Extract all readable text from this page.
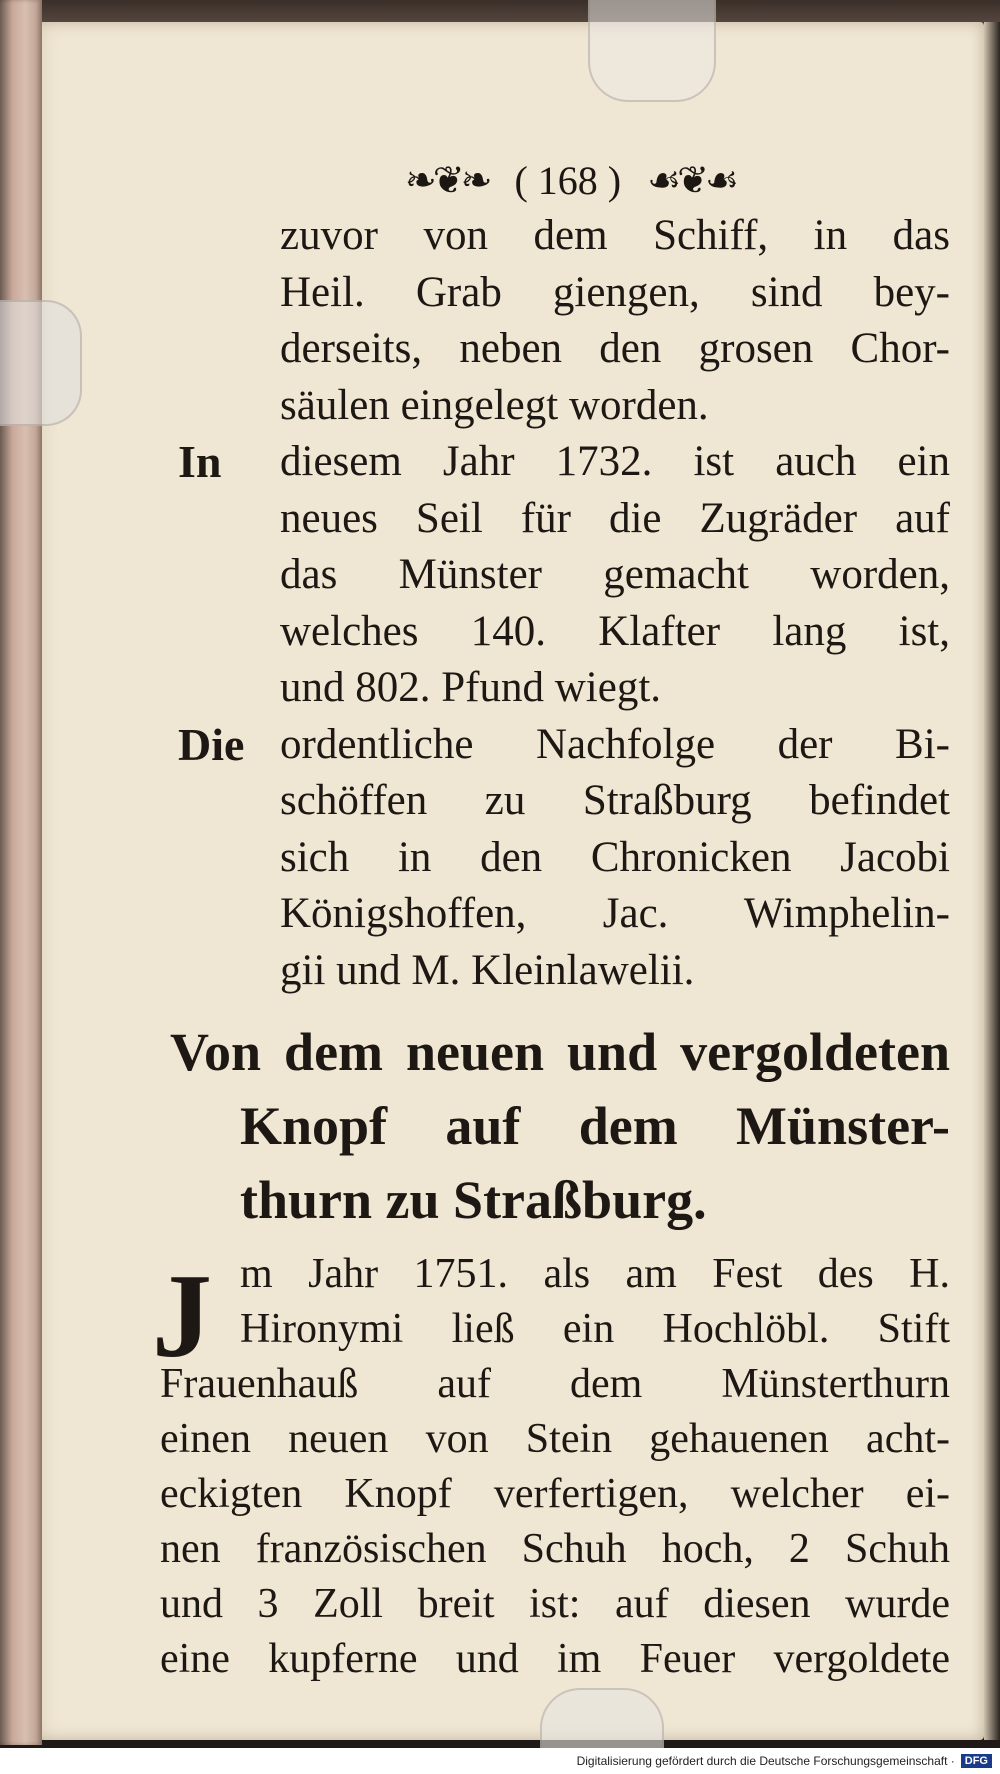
❧❦❧ ( 168 ) ☙❦☙
zuvor von dem Schiff, in das
Heil. Grab giengen, sind bey-
derseits, neben den grosen Chor-
säulen eingelegt worden.
In diesem Jahr 1732. ist auch ein
neues Seil für die Zugräder auf
das Münster gemacht worden,
welches 140. Klafter lang ist,
und 802. Pfund wiegt.
Die ordentliche Nachfolge der Bi-
schöffen zu Straßburg befindet
sich in den Chronicken Jacobi
Königshoffen, Jac. Wimphelin-
gii und M. Kleinlawelii.
Von dem neuen und vergoldeten
Knopf auf dem Münster-
thurn zu Straßburg.
J m Jahr 1751. als am Fest des H.
Hironymi ließ ein Hochlöbl. Stift
Frauenhauß auf dem Münsterthurn
einen neuen von Stein gehauenen acht-
eckigten Knopf verfertigen, welcher ei-
nen französischen Schuh hoch, 2 Schuh
und 3 Zoll breit ist: auf diesen wurde
eine kupferne und im Feuer vergoldete
Digitalisierung gefördert durch die Deutsche Forschungsgemeinschaft · DFG
